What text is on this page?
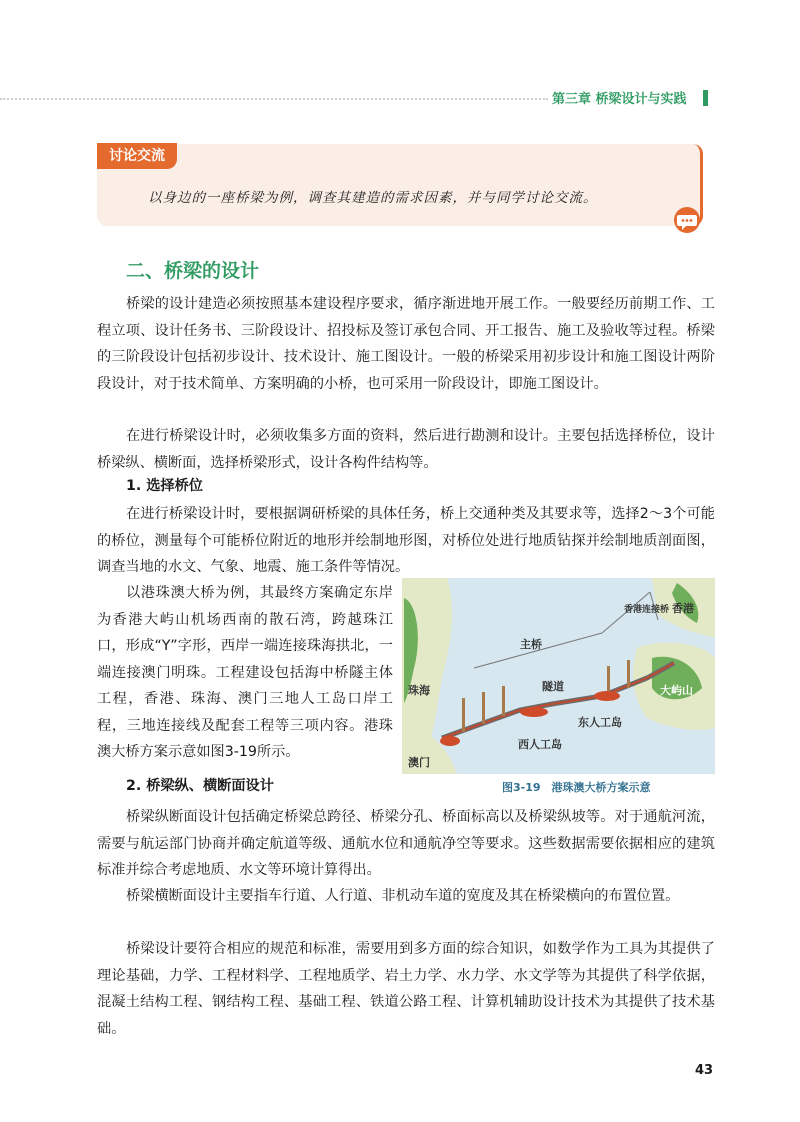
第三章 桥梁设计与实践
讨论交流
以身边的一座桥梁为例，调查其建造的需求因素，并与同学讨论交流。
二、桥梁的设计

桥梁的设计建造必须按照基本建设程序要求，循序渐进地开展工作。一般要经历前期工作、工程立项、设计任务书、三阶段设计、招投标及签订承包合同、开工报告、施工及验收等过程。桥梁的三阶段设计包括初步设计、技术设计、施工图设计。一般的桥梁采用初步设计和施工图设计两阶段设计，对于技术简单、方案明确的小桥，也可采用一阶段设计，即施工图设计。

在进行桥梁设计时，必须收集多方面的资料，然后进行勘测和设计。主要包括选择桥位，设计桥梁纵、横断面，选择桥梁形式，设计各构件结构等。

1. 选择桥位

在进行桥梁设计时，要根据调研桥梁的具体任务，桥上交通种类及其要求等，选择2～3个可能的桥位，测量每个可能桥位附近的地形并绘制地形图，对桥位处进行地质钻探并绘制地质剖面图，调查当地的水文、气象、地震、施工条件等情况。

以港珠澳大桥为例，其最终方案确定东岸为香港大屿山机场西南的散石湾，跨越珠江口，形成“Y”字形，西岸一端连接珠海拱北，一端连接澳门明珠。工程建设包括海中桥隧主体工程，香港、珠海、澳门三地人工岛口岸工程，三地连接线及配套工程等三项内容。港珠澳大桥方案示意如图3-19所示。

2. 桥梁纵、横断面设计

桥梁纵断面设计包括确定桥梁总跨径、桥梁分孔、桥面标高以及桥梁纵坡等。对于通航河流，需要与航运部门协商并确定航道等级、通航水位和通航净空等要求。这些数据需要依据相应的建筑标准并综合考虑地质、水文等环境计算得出。

桥梁横断面设计主要指车行道、人行道、非机动车道的宽度及其在桥梁横向的布置位置。

桥梁设计要符合相应的规范和标准，需要用到多方面的综合知识，如数学作为工具为其提供了理论基础，力学、工程材料学、工程地质学、岩土力学、水力学、水文学等为其提供了科学依据，混凝土结构工程、钢结构工程、基础工程、铁道公路工程、计算机辅助设计技术为其提供了技术基础。

香港
珠海
澳门
大屿山
主桥
香港连接桥
隧道
东人工岛
西人工岛
图3-19　港珠澳大桥方案示意
43
